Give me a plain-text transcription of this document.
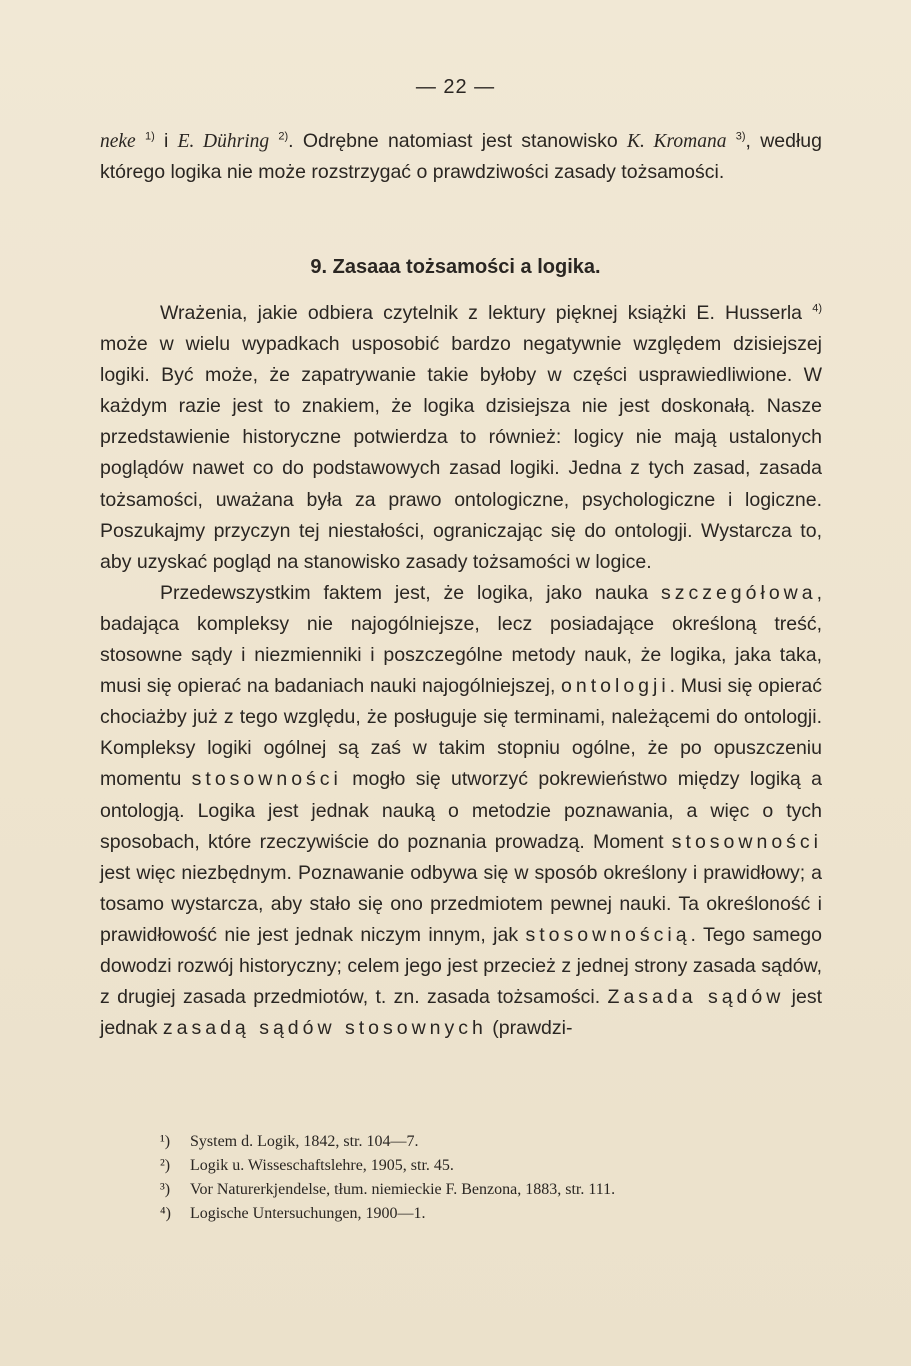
— 22 —
neke $^{1)}$ i E. Dühring $^{2)}$. Odrębne natomiast jest stanowisko K. Kromana $^{3)}$, według którego logika nie może rozstrzygać o prawdziwości zasady tożsamości.
9. Zasaaa tożsamości a logika.

Wrażenia, jakie odbiera czytelnik z lektury pięknej książki E. Husserla $^{4)}$ może w wielu wypadkach usposobić bardzo negatywnie względem dzisiejszej logiki. Być może, że zapatrywanie takie byłoby w części usprawiedliwione. W każdym razie jest to znakiem, że logika dzisiejsza nie jest doskonałą. Nasze przedstawienie historyczne potwierdza to również: logicy nie mają ustalonych poglądów nawet co do podstawowych zasad logiki. Jedna z tych zasad, zasada tożsamości, uważana była za prawo ontologiczne, psychologiczne i logiczne. Poszukajmy przyczyn tej niestałości, ograniczając się do ontologji. Wystarcza to, aby uzyskać pogląd na stanowisko zasady tożsamości w logice.

Przedewszystkim faktem jest, że logika, jako nauka szczegółowa, badająca kompleksy nie najogólniejsze, lecz posiadające określoną treść, stosowne sądy i niezmienniki i poszczególne metody nauk, że logika, jaka taka, musi się opierać na badaniach nauki najogólniejszej, ontologji. Musi się opierać chociażby już z tego względu, że posługuje się terminami, należącemi do ontologji. Kompleksy logiki ogólnej są zaś w takim stopniu ogólne, że po opuszczeniu momentu stosowności mogło się utworzyć pokrewieństwo między logiką a ontologją. Logika jest jednak nauką o metodzie poznawania, a więc o tych sposobach, które rzeczywiście do poznania prowadzą. Moment stosowności jest więc niezbędnym. Poznawanie odbywa się w sposób określony i prawidłowy; a tosamo wystarcza, aby stało się ono przedmiotem pewnej nauki. Ta określoność i prawidłowość nie jest jednak niczym innym, jak stosownością. Tego samego dowodzi rozwój historyczny; celem jego jest przecież z jednej strony zasada sądów, z drugiej zasada przedmiotów, t. zn. zasada tożsamości. Zasada sądów jest jednak zasadą sądów stosownych (prawdzi-

¹)	System d. Logik, 1842, str. 104—7.
²)	Logik u. Wisseschaftslehre, 1905, str. 45.
³)	Vor Naturerkjendelse, tłum. niemieckie F. Benzona, 1883, str. 111.
⁴)	Logische Untersuchungen, 1900—1.
